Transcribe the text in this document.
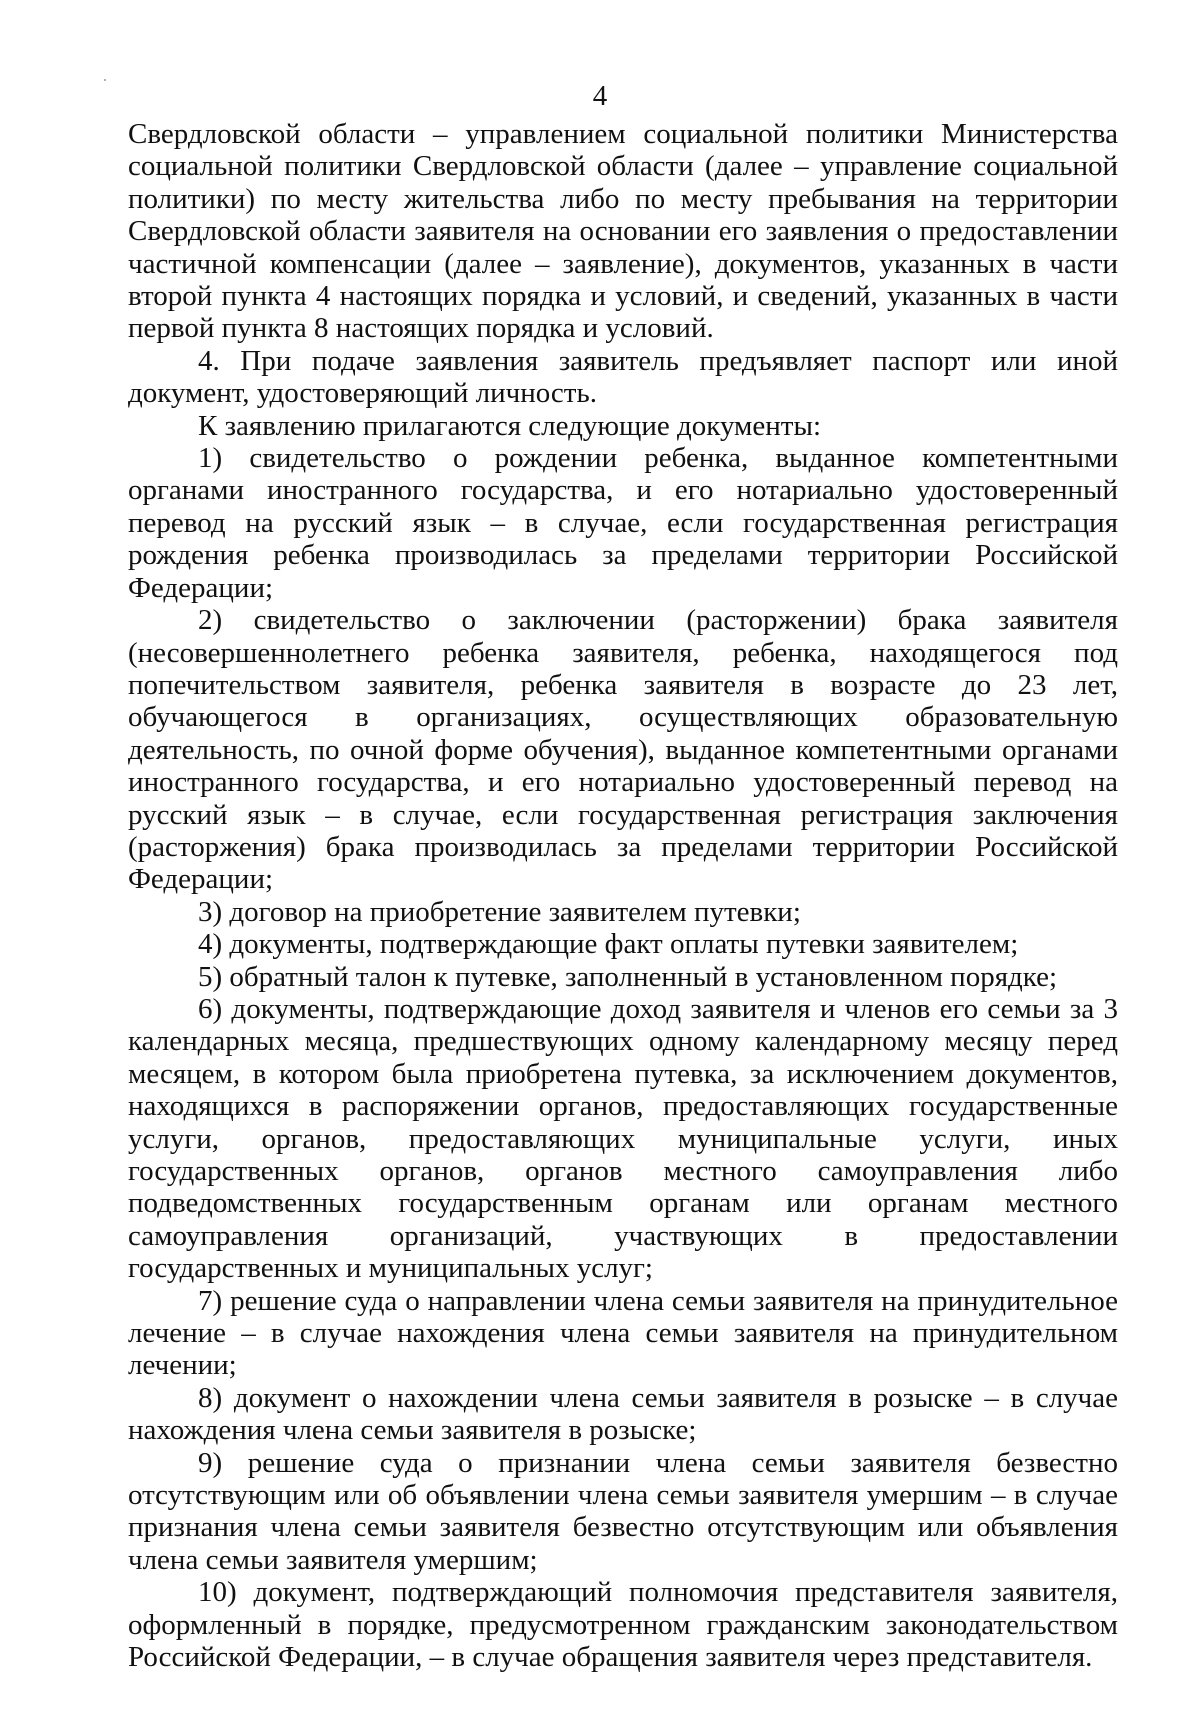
4

Свердловской области – управлением социальной политики Министерства социальной политики Свердловской области (далее – управление социальной политики) по месту жительства либо по месту пребывания на территории Свердловской области заявителя на основании его заявления о предоставлении частичной компенсации (далее – заявление), документов, указанных в части второй пункта 4 настоящих порядка и условий, и сведений, указанных в части первой пункта 8 настоящих порядка и условий.

4. При подаче заявления заявитель предъявляет паспорт или иной документ, удостоверяющий личность.

К заявлению прилагаются следующие документы:

1) свидетельство о рождении ребенка, выданное компетентными органами иностранного государства, и его нотариально удостоверенный перевод на русский язык – в случае, если государственная регистрация рождения ребенка производилась за пределами территории Российской Федерации;

2) свидетельство о заключении (расторжении) брака заявителя (несовершеннолетнего ребенка заявителя, ребенка, находящегося под попечительством заявителя, ребенка заявителя в возрасте до 23 лет, обучающегося в организациях, осуществляющих образовательную деятельность, по очной форме обучения), выданное компетентными органами иностранного государства, и его нотариально удостоверенный перевод на русский язык – в случае, если государственная регистрация заключения (расторжения) брака производилась за пределами территории Российской Федерации;

3) договор на приобретение заявителем путевки;

4) документы, подтверждающие факт оплаты путевки заявителем;

5) обратный талон к путевке, заполненный в установленном порядке;

6) документы, подтверждающие доход заявителя и членов его семьи за 3 календарных месяца, предшествующих одному календарному месяцу перед месяцем, в котором была приобретена путевка, за исключением документов, находящихся в распоряжении органов, предоставляющих государственные услуги, органов, предоставляющих муниципальные услуги, иных государственных органов, органов местного самоуправления либо подведомственных государственным органам или органам местного самоуправления организаций, участвующих в предоставлении государственных и муниципальных услуг;

7) решение суда о направлении члена семьи заявителя на принудительное лечение – в случае нахождения члена семьи заявителя на принудительном лечении;

8) документ о нахождении члена семьи заявителя в розыске – в случае нахождения члена семьи заявителя в розыске;

9) решение суда о признании члена семьи заявителя безвестно отсутствующим или об объявлении члена семьи заявителя умершим – в случае признания члена семьи заявителя безвестно отсутствующим или объявления члена семьи заявителя умершим;

10) документ, подтверждающий полномочия представителя заявителя, оформленный в порядке, предусмотренном гражданским законодательством Российской Федерации, – в случае обращения заявителя через представителя.
